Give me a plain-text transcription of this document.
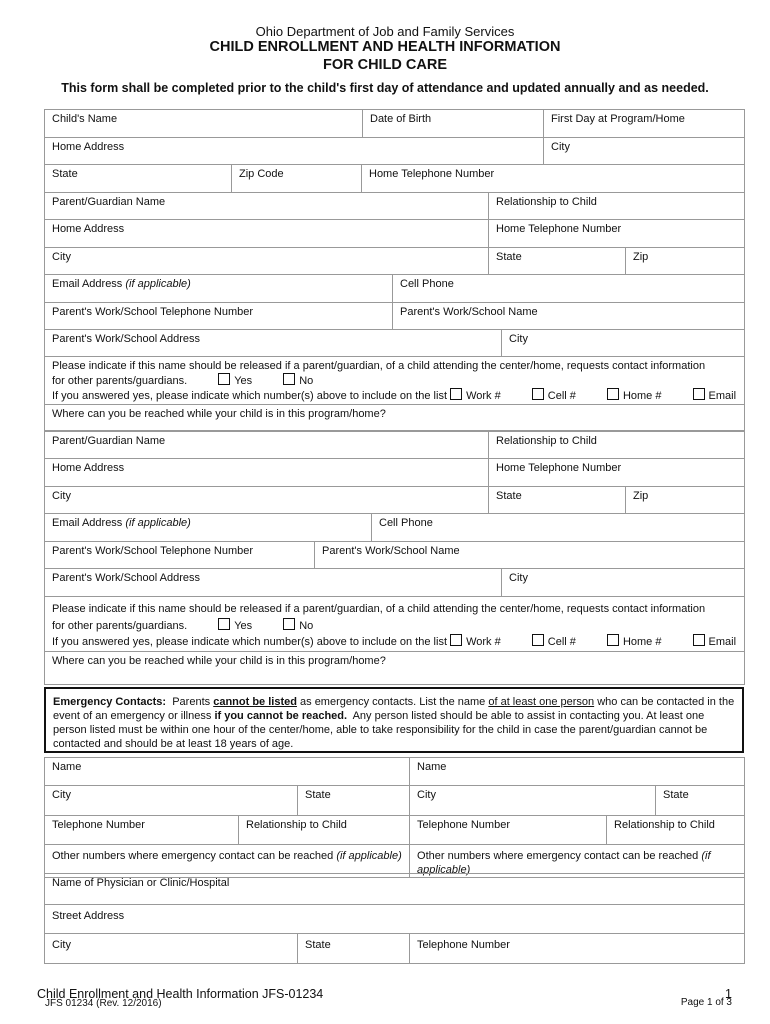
Ohio Department of Job and Family Services
CHILD ENROLLMENT AND HEALTH INFORMATION
FOR CHILD CARE
This form shall be completed prior to the child's first day of attendance and updated annually and as needed.
Child's Name	Date of Birth	First Day at Program/Home
Home Address		City
State	Zip Code	Home Telephone Number
Parent/Guardian Name	Relationship to Child	
Home Address	Home Telephone Number	
City	State	Zip
Email Address (if applicable)	Cell Phone
Parent's Work/School Telephone Number	Parent's Work/School Name
Parent's Work/School Address	City

Please indicate if this name should be released if a parent/guardian, of a child attending the center/home, requests contact information
for other parents/guardians.	Yes	No
If you answered yes, please indicate which number(s) above to include on the list Work #	Cell #	Home #	Email

Where can you be reached while your child is in this program/home?
Parent/Guardian Name	Relationship to Child	
Home Address	Home Telephone Number	
City	State	Zip
Email Address (if applicable)	Cell Phone
Parent's Work/School Telephone Number	Parent's Work/School Name
Parent's Work/School Address	City

Please indicate if this name should be released if a parent/guardian, of a child attending the center/home, requests contact information
for other parents/guardians.	Yes	No
If you answered yes, please indicate which number(s) above to include on the list Work #	Cell #	Home #	Email

Where can you be reached while your child is in this program/home?
Emergency Contacts: Parents cannot be listed as emergency contacts. List the name of at least one person who can be contacted in the event of an emergency or illness if you cannot be reached. Any person listed should be able to assist in contacting you. At least one person listed must be within one hour of the center/home, able to take responsibility for the child in case the parent/guardian cannot be contacted and should be at least 18 years of age.
Name			Name		
City		State	City		State
Telephone Number	Relationship to Child		Telephone Number	Relationship to Child	
Other numbers where emergency contact can be reached (if applicable)			Other numbers where emergency contact can be reached (if applicable)		
Name of Physician or Clinic/Hospital
Street Address
City	State	Telephone Number
Child Enrollment and Health Information JFS-01234
JFS 01234 (Rev. 12/2016)
1
Page 1 of 3
